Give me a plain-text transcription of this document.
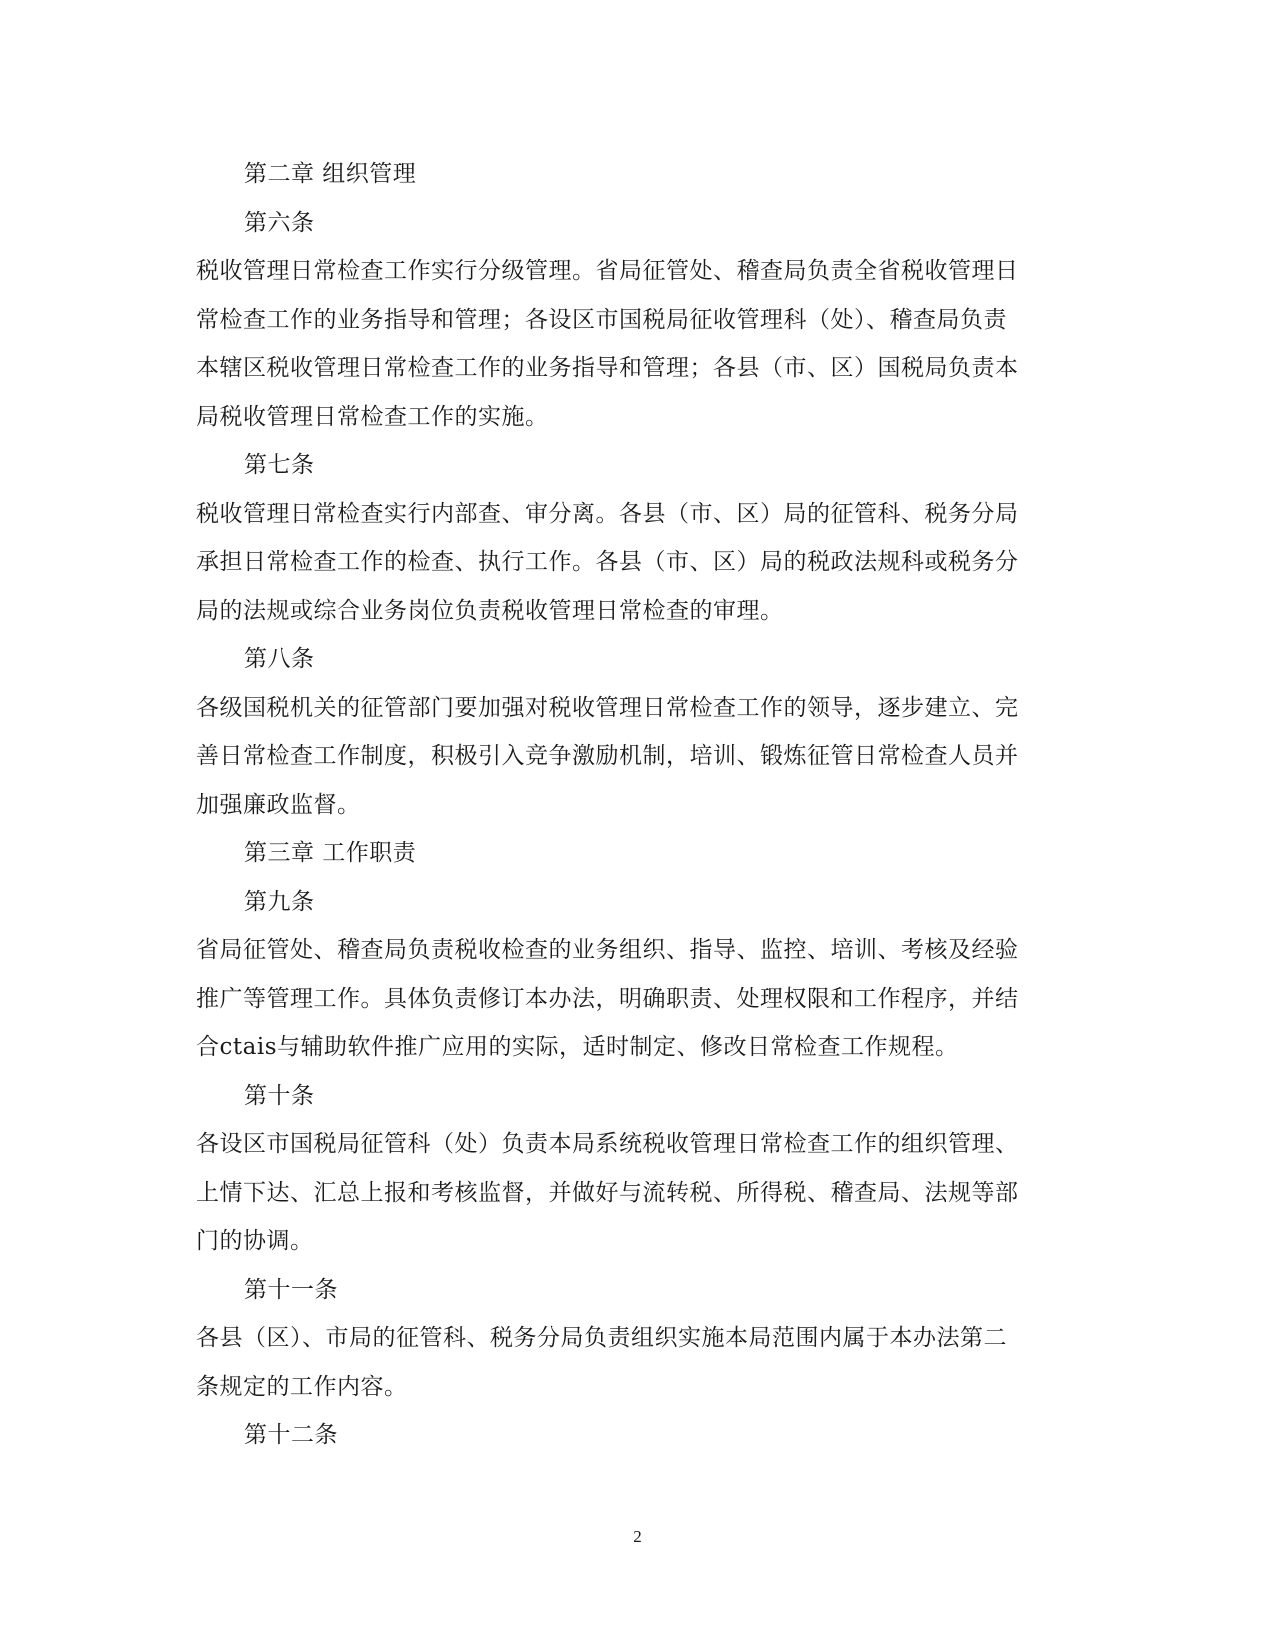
第二章 组织管理
第六条
税收管理日常检查工作实行分级管理。省局征管处、稽查局负责全省税收管理日
常检查工作的业务指导和管理；各设区市国税局征收管理科（处）、稽查局负责
本辖区税收管理日常检查工作的业务指导和管理；各县（市、区）国税局负责本
局税收管理日常检查工作的实施。
第七条
税收管理日常检查实行内部查、审分离。各县（市、区）局的征管科、税务分局
承担日常检查工作的检查、执行工作。各县（市、区）局的税政法规科或税务分
局的法规或综合业务岗位负责税收管理日常检查的审理。
第八条
各级国税机关的征管部门要加强对税收管理日常检查工作的领导，逐步建立、完
善日常检查工作制度，积极引入竞争激励机制，培训、锻炼征管日常检查人员并
加强廉政监督。
第三章 工作职责
第九条
省局征管处、稽查局负责税收检查的业务组织、指导、监控、培训、考核及经验
推广等管理工作。具体负责修订本办法，明确职责、处理权限和工作程序，并结
合ctais与辅助软件推广应用的实际，适时制定、修改日常检查工作规程。
第十条
各设区市国税局征管科（处）负责本局系统税收管理日常检查工作的组织管理、
上情下达、汇总上报和考核监督，并做好与流转税、所得税、稽查局、法规等部
门的协调。
第十一条
各县（区）、市局的征管科、税务分局负责组织实施本局范围内属于本办法第二
条规定的工作内容。
第十二条
2
